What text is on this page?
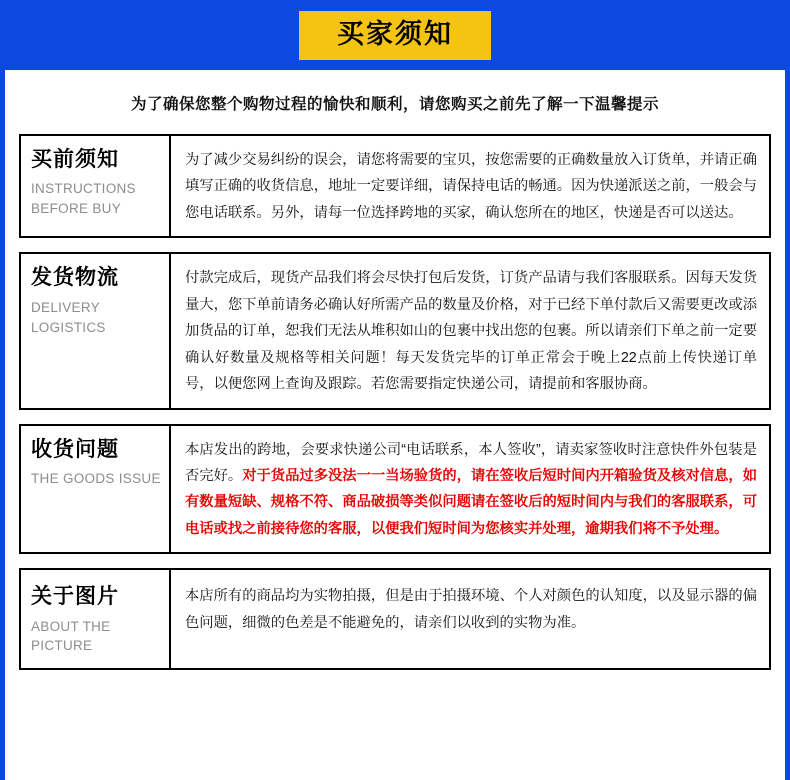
买家须知
为了确保您整个购物过程的愉快和顺利，请您购买之前先了解一下温馨提示
买前须知
INSTRUCTIONS BEFORE BUY
为了减少交易纠纷的误会，请您将需要的宝贝，按您需要的正确数量放入订货单，并请正确填写正确的收货信息，地址一定要详细，请保持电话的畅通。因为快递派送之前，一般会与您电话联系。另外，请每一位选择跨地的买家，确认您所在的地区，快递是否可以送达。
发货物流
DELIVERY LOGISTICS
付款完成后，现货产品我们将会尽快打包后发货，订货产品请与我们客服联系。因每天发货量大，您下单前请务必确认好所需产品的数量及价格，对于已经下单付款后又需要更改或添加货品的订单，恕我们无法从堆积如山的包裹中找出您的包裹。所以请亲们下单之前一定要确认好数量及规格等相关问题！每天发货完毕的订单正常会于晚上22点前上传快递订单号，以便您网上查询及跟踪。若您需要指定快递公司，请提前和客服协商。
收货问题
THE GOODS ISSUE
本店发出的跨地，会要求快递公司“电话联系，本人签收”，请卖家签收时注意快件外包装是否完好。对于货品过多没法一一当场验货的，请在签收后短时间内开箱验货及核对信息，如有数量短缺、规格不符、商品破损等类似问题请在签收后的短时间内与我们的客服联系，可电话或找之前接待您的客服，以便我们短时间为您核实并处理，逾期我们将不予处理。
关于图片
ABOUT THE PICTURE
本店所有的商品均为实物拍摄，但是由于拍摄环境、个人对颜色的认知度，以及显示器的偏色问题，细微的色差是不能避免的，请亲们以收到的实物为准。
